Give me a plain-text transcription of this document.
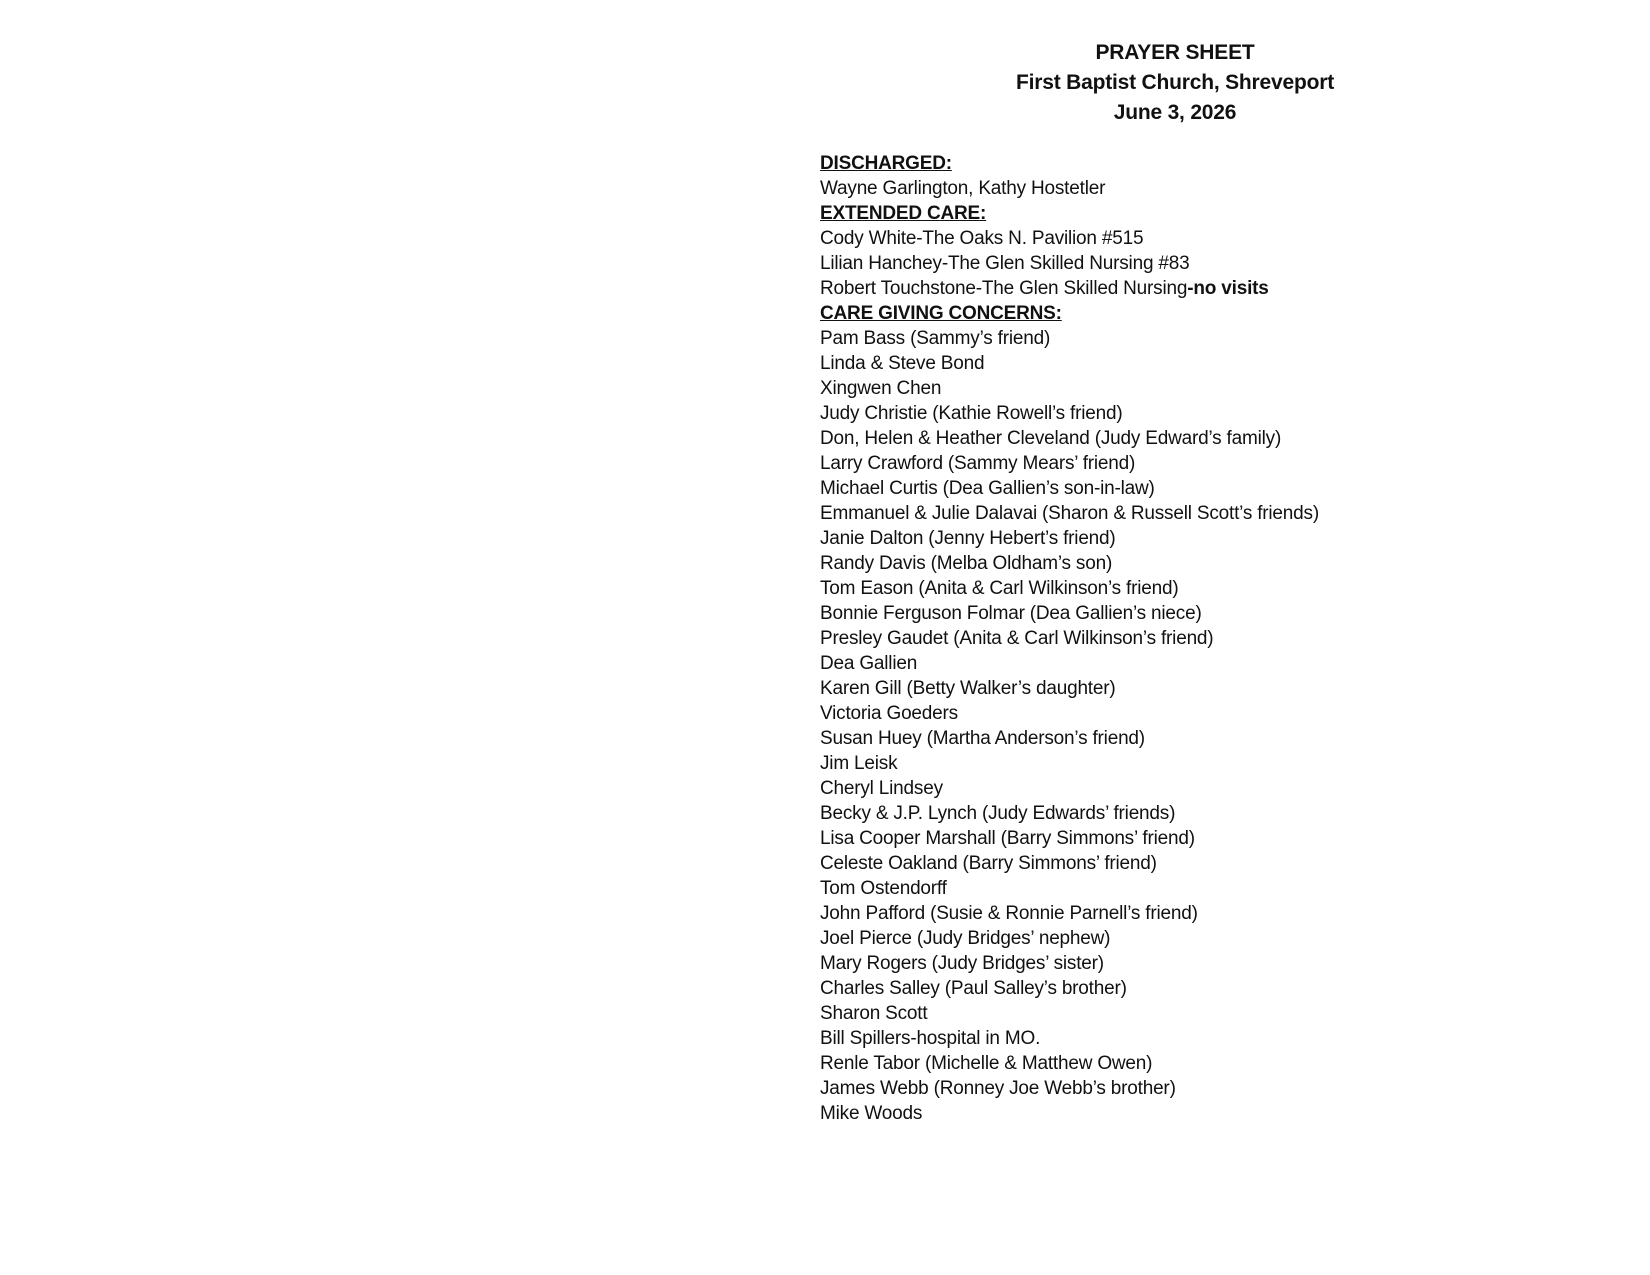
PRAYER SHEET
First Baptist Church, Shreveport
June 3, 2026
DISCHARGED:
Wayne Garlington, Kathy Hostetler
EXTENDED CARE:
Cody White-The Oaks N. Pavilion #515
Lilian Hanchey-The Glen Skilled Nursing #83
Robert Touchstone-The Glen Skilled Nursing-no visits
CARE GIVING CONCERNS:
Pam Bass (Sammy’s friend)
Linda & Steve Bond
Xingwen Chen
Judy Christie (Kathie Rowell’s friend)
Don, Helen & Heather Cleveland (Judy Edward’s family)
Larry Crawford (Sammy Mears’ friend)
Michael Curtis (Dea Gallien’s son-in-law)
Emmanuel & Julie Dalavai (Sharon & Russell Scott’s friends)
Janie Dalton (Jenny Hebert’s friend)
Randy Davis (Melba Oldham’s son)
Tom Eason (Anita & Carl Wilkinson’s friend)
Bonnie Ferguson Folmar (Dea Gallien’s niece)
Presley Gaudet (Anita & Carl Wilkinson’s friend)
Dea Gallien
Karen Gill (Betty Walker’s daughter)
Victoria Goeders
Susan Huey (Martha Anderson’s friend)
Jim Leisk
Cheryl Lindsey
Becky & J.P. Lynch (Judy Edwards’ friends)
Lisa Cooper Marshall (Barry Simmons’ friend)
Celeste Oakland (Barry Simmons’ friend)
Tom Ostendorff
John Pafford (Susie & Ronnie Parnell’s friend)
Joel Pierce (Judy Bridges’ nephew)
Mary Rogers (Judy Bridges’ sister)
Charles Salley (Paul Salley’s brother)
Sharon Scott
Bill Spillers-hospital in MO.
Renle Tabor (Michelle & Matthew Owen)
James Webb (Ronney Joe Webb’s brother)
Mike Woods
